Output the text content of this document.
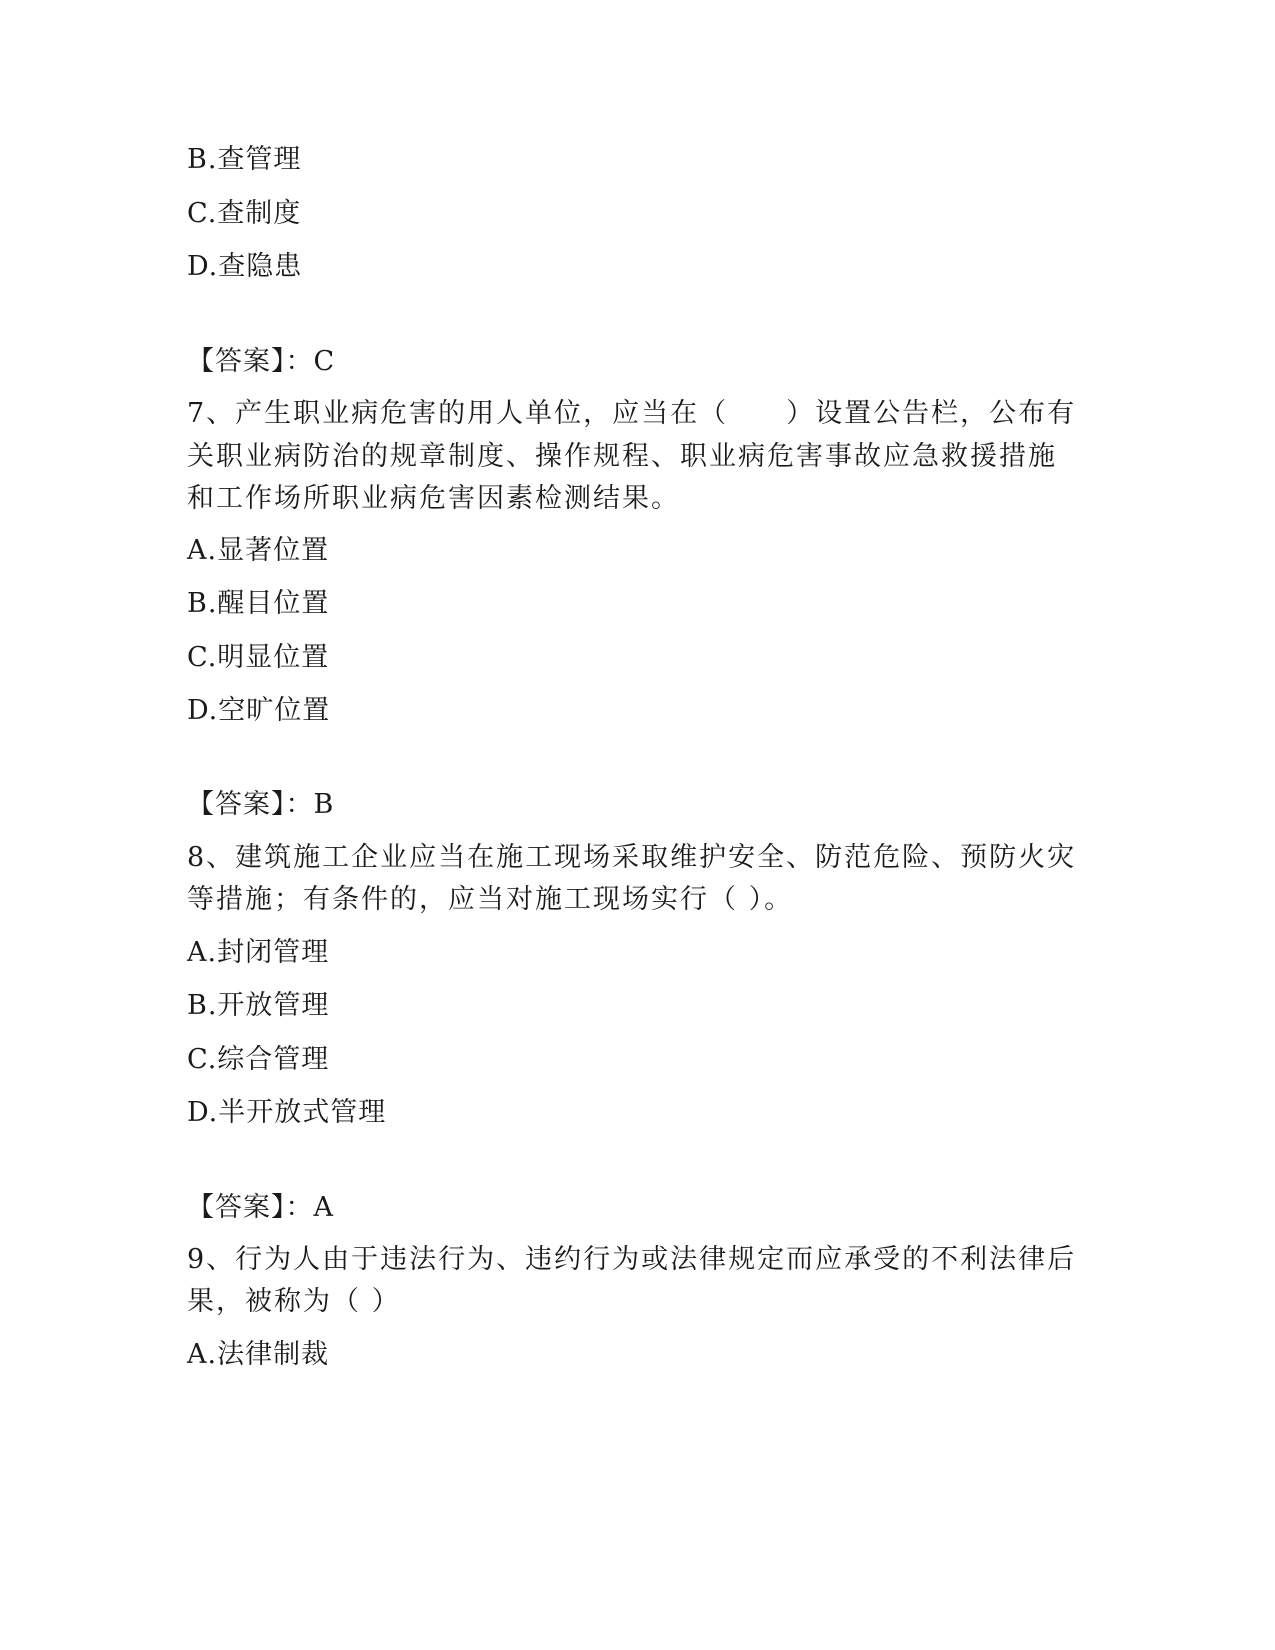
B.查管理
C.查制度
D.查隐患
【答案】：C
7、产生职业病危害的用人单位，应当在（　　）设置公告栏，公布有
关职业病防治的规章制度、操作规程、职业病危害事故应急救援措施
和工作场所职业病危害因素检测结果。
A.显著位置
B.醒目位置
C.明显位置
D.空旷位置
【答案】：B
8、建筑施工企业应当在施工现场采取维护安全、防范危险、预防火灾
等措施；有条件的，应当对施工现场实行（ ）。
A.封闭管理
B.开放管理
C.综合管理
D.半开放式管理
【答案】：A
9、行为人由于违法行为、违约行为或法律规定而应承受的不利法律后
果，被称为（ ）
A.法律制裁
